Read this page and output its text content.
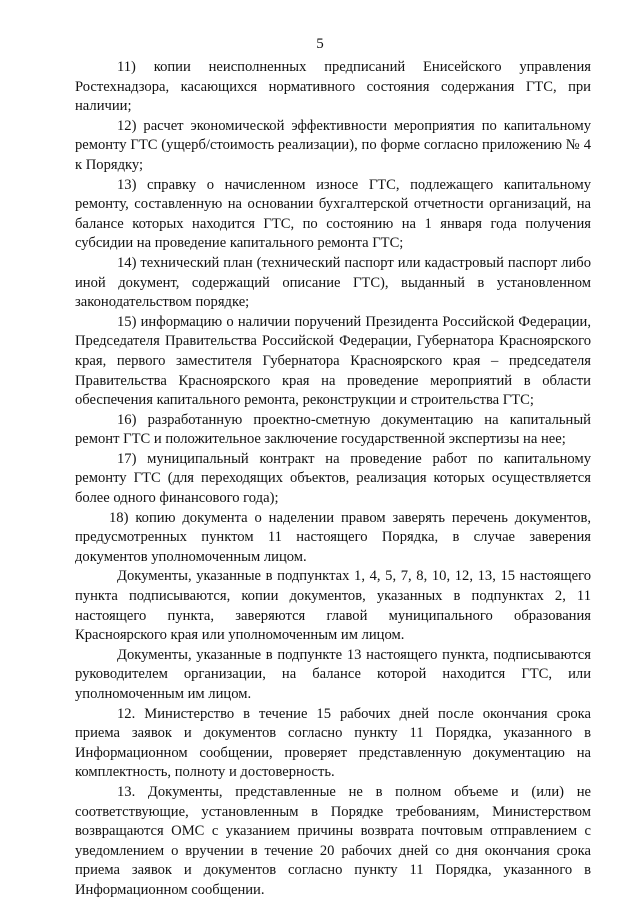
5

11) копии неисполненных предписаний Енисейского управления Ростехнадзора, касающихся нормативного состояния содержания ГТС, при наличии;

12) расчет экономической эффективности мероприятия по капитальному ремонту ГТС (ущерб/стоимость реализации), по форме согласно приложению № 4 к Порядку;

13) справку о начисленном износе ГТС, подлежащего капитальному ремонту, составленную на основании бухгалтерской отчетности организаций, на балансе которых находится ГТС, по состоянию на 1 января года получения субсидии на проведение капитального ремонта ГТС;

14) технический план (технический паспорт или кадастровый паспорт либо иной документ, содержащий описание ГТС), выданный в установленном законодательством порядке;

15) информацию о наличии поручений Президента Российской Федерации, Председателя Правительства Российской Федерации, Губернатора Красноярского края, первого заместителя Губернатора Красноярского края – председателя Правительства Красноярского края на проведение мероприятий в области обеспечения капитального ремонта, реконструкции и строительства ГТС;

16) разработанную проектно-сметную документацию на капитальный ремонт ГТС и положительное заключение государственной экспертизы на нее;

17) муниципальный контракт на проведение работ по капитальному ремонту ГТС (для переходящих объектов, реализация которых осуществляется более одного финансового года);

18) копию документа о наделении правом заверять перечень документов, предусмотренных пунктом 11 настоящего Порядка, в случае заверения документов уполномоченным лицом.

Документы, указанные в подпунктах 1, 4, 5, 7, 8, 10, 12, 13, 15 настоящего пункта подписываются, копии документов, указанных в подпунктах 2, 11 настоящего пункта, заверяются главой муниципального образования Красноярского края или уполномоченным им лицом.

Документы, указанные в подпункте 13 настоящего пункта, подписываются руководителем организации, на балансе которой находится ГТС, или уполномоченным им лицом.

12. Министерство в течение 15 рабочих дней после окончания срока приема заявок и документов согласно пункту 11 Порядка, указанного в Информационном сообщении, проверяет представленную документацию на комплектность, полноту и достоверность.

13. Документы, представленные не в полном объеме и (или) не соответствующие, установленным в Порядке требованиям, Министерством возвращаются ОМС с указанием причины возврата почтовым отправлением с уведомлением о вручении в течение 20 рабочих дней со дня окончания срока приема заявок и документов согласно пункту 11 Порядка, указанного в Информационном сообщении.
